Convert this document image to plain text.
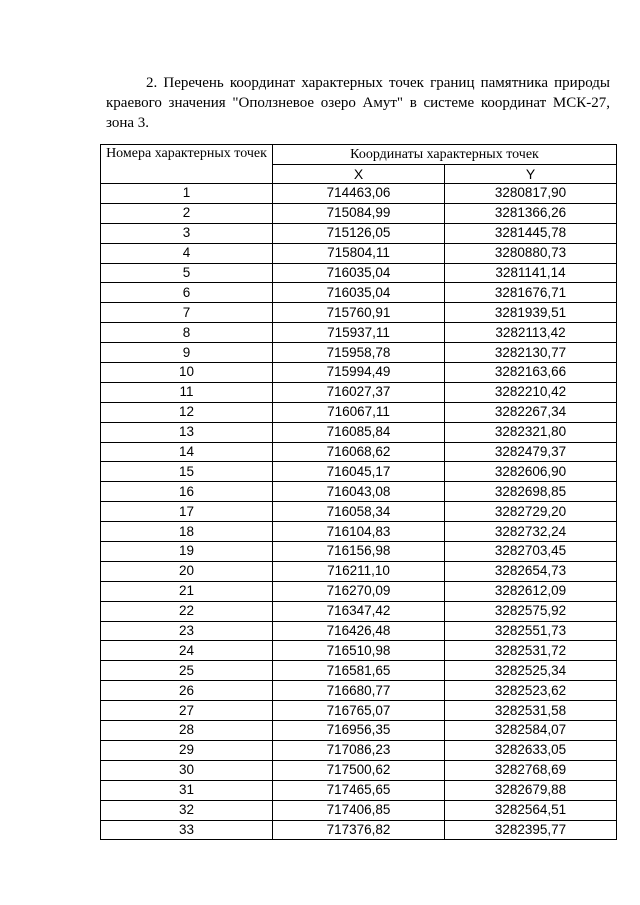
2. Перечень координат характерных точек границ памятника природы краевого значения "Оползневое озеро Амут" в системе координат МСК-27, зона 3.

Номера характерных точек	Координаты характерных точек	
	X	Y
1	714463,06	3280817,90
2	715084,99	3281366,26
3	715126,05	3281445,78
4	715804,11	3280880,73
5	716035,04	3281141,14
6	716035,04	3281676,71
7	715760,91	3281939,51
8	715937,11	3282113,42
9	715958,78	3282130,77
10	715994,49	3282163,66
11	716027,37	3282210,42
12	716067,11	3282267,34
13	716085,84	3282321,80
14	716068,62	3282479,37
15	716045,17	3282606,90
16	716043,08	3282698,85
17	716058,34	3282729,20
18	716104,83	3282732,24
19	716156,98	3282703,45
20	716211,10	3282654,73
21	716270,09	3282612,09
22	716347,42	3282575,92
23	716426,48	3282551,73
24	716510,98	3282531,72
25	716581,65	3282525,34
26	716680,77	3282523,62
27	716765,07	3282531,58
28	716956,35	3282584,07
29	717086,23	3282633,05
30	717500,62	3282768,69
31	717465,65	3282679,88
32	717406,85	3282564,51
33	717376,82	3282395,77
